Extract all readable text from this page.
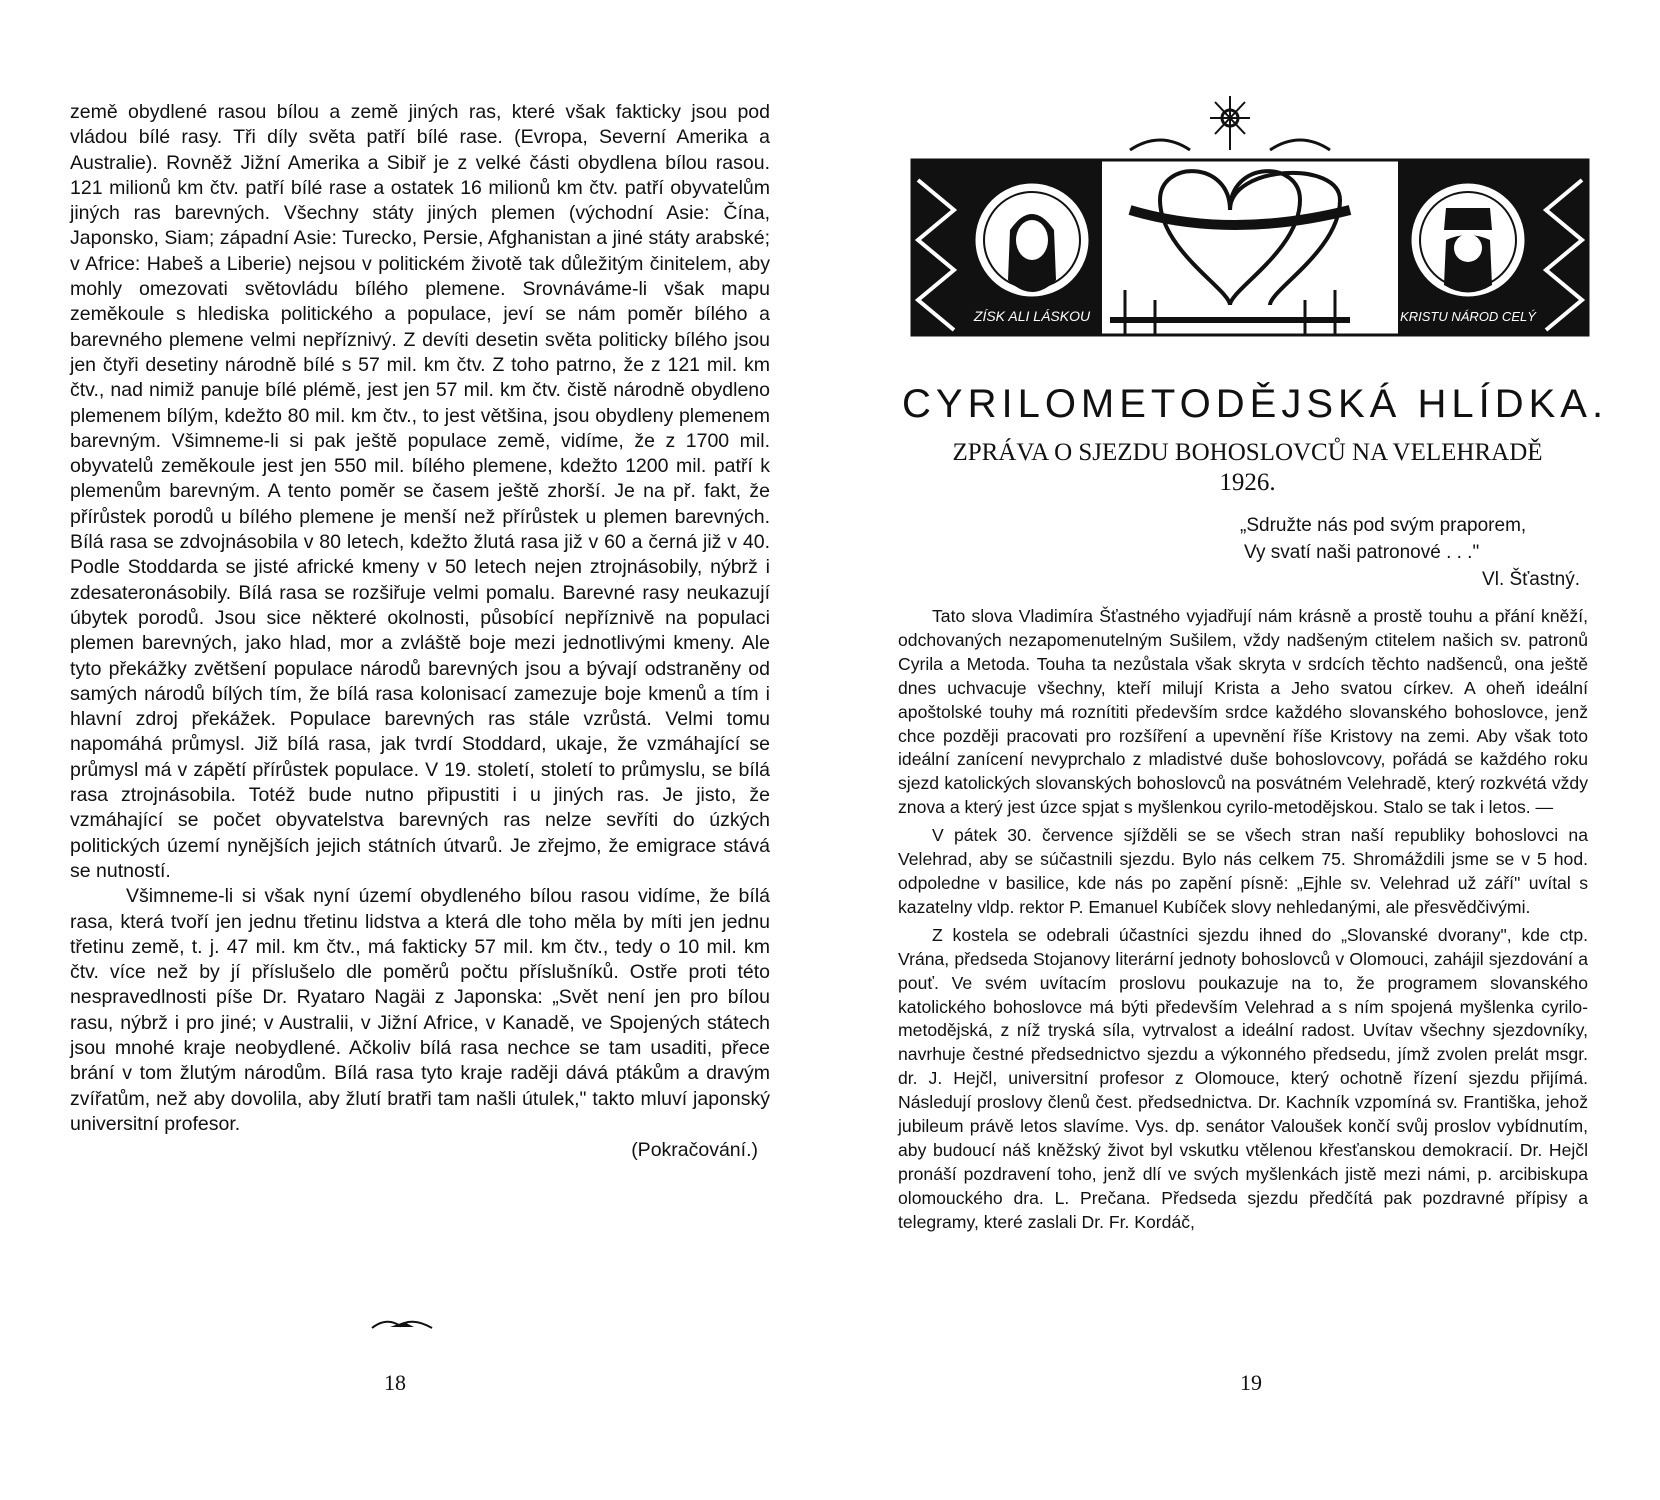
země obydlené rasou bílou a země jiných ras, které však fakticky jsou pod vládou bílé rasy. Tři díly světa patří bílé rase. (Evropa, Severní Amerika a Australie). Rovněž Jižní Amerika a Sibiř je z velké části obydlena bílou rasou. 121 milionů km čtv. patří bílé rase a ostatek 16 milionů km čtv. patří obyvatelům jiných ras barevných. Všechny státy jiných plemen (východní Asie: Čína, Japonsko, Siam; západní Asie: Turecko, Persie, Afghanistan a jiné státy arabské; v Africe: Habeš a Liberie) nejsou v politickém životě tak důležitým činitelem, aby mohly omezovati světovládu bílého plemene. Srovnáváme-li však mapu zeměkoule s hlediska politického a populace, jeví se nám poměr bílého a barevného plemene velmi nepříznivý. Z devíti desetin světa politicky bílého jsou jen čtyři desetiny národně bílé s 57 mil. km čtv. Z toho patrno, že z 121 mil. km čtv., nad nimiž panuje bílé plémě, jest jen 57 mil. km čtv. čistě národně obydleno plemenem bílým, kdežto 80 mil. km čtv., to jest většina, jsou obydleny plemenem barevným. Všimneme-li si pak ještě populace země, vidíme, že z 1700 mil. obyvatelů zeměkoule jest jen 550 mil. bílého plemene, kdežto 1200 mil. patří k plemenům barevným. A tento poměr se časem ještě zhorší. Je na př. fakt, že přírůstek porodů u bílého plemene je menší než přírůstek u plemen barevných. Bílá rasa se zdvojnásobila v 80 letech, kdežto žlutá rasa již v 60 a černá již v 40. Podle Stoddarda se jisté africké kmeny v 50 letech nejen ztrojnásobily, nýbrž i zdesateronásobily. Bílá rasa se rozšiřuje velmi pomalu. Barevné rasy neukazují úbytek porodů. Jsou sice některé okolnosti, působící nepříznivě na populaci plemen barevných, jako hlad, mor a zvláště boje mezi jednotlivými kmeny. Ale tyto překážky zvětšení populace národů barevných jsou a bývají odstraněny od samých národů bílých tím, že bílá rasa kolonisací zamezuje boje kmenů a tím i hlavní zdroj překážek. Populace barevných ras stále vzrůstá. Velmi tomu napomáhá průmysl. Již bílá rasa, jak tvrdí Stoddard, ukaje, že vzmáhající se průmysl má v zápětí přírůstek populace. V 19. století, století to průmyslu, se bílá rasa ztrojnásobila. Totéž bude nutno připustiti i u jiných ras. Je jisto, že vzmáhající se počet obyvatelstva barevných ras nelze sevříti do úzkých politických území nynějších jejich státních útvarů. Je zřejmo, že emigrace stává se nutností.

Všimneme-li si však nyní území obydleného bílou rasou vidíme, že bílá rasa, která tvoří jen jednu třetinu lidstva a která dle toho měla by míti jen jednu třetinu země, t. j. 47 mil. km čtv., má fakticky 57 mil. km čtv., tedy o 10 mil. km čtv. více než by jí příslušelo dle poměrů počtu příslušníků. Ostře proti této nespravedlnosti píše Dr. Ryataro Nagäi z Japonska: „Svět není jen pro bílou rasu, nýbrž i pro jiné; v Australii, v Jižní Africe, v Kanadě, ve Spojených státech jsou mnohé kraje neobydlené. Ačkoliv bílá rasa nechce se tam usaditi, přece brání v tom žlutým národům. Bílá rasa tyto kraje raději dává ptákům a dravým zvířatům, než aby dovolila, aby žlutí bratři tam našli útulek," takto mluví japonský universitní profesor.

(Pokračování.)
18
ZÍSK ALI LÁSKOU	KRISTU NÁROD CELÝ
CYRILOMETODĚJSKÁ HLÍDKA.
ZPRÁVA O SJEZDU BOHOSLOVCŮ NA VELEHRADĚ
1926.
„Sdružte nás pod svým praporem,
Vy svatí naši patronové . . ."
Vl. Šťastný.

Tato slova Vladimíra Šťastného vyjadřují nám krásně a prostě touhu a přání kněží, odchovaných nezapomenutelným Sušilem, vždy nadšeným ctitelem našich sv. patronů Cyrila a Metoda. Touha ta nezůstala však skryta v srdcích těchto nadšenců, ona ještě dnes uchvacuje všechny, kteří milují Krista a Jeho svatou církev. A oheň ideální apoštolské touhy má roznítiti především srdce každého slovanského bohoslovce, jenž chce později pracovati pro rozšíření a upevnění říše Kristovy na zemi. Aby však toto ideální zanícení nevyprchalo z mladistvé duše bohoslovcovy, pořádá se každého roku sjezd katolických slovanských bohoslovců na posvátném Velehradě, který rozkvétá vždy znova a který jest úzce spjat s myšlenkou cyrilo-metodějskou. Stalo se tak i letos. —

V pátek 30. července sjížděli se se všech stran naší republiky bohoslovci na Velehrad, aby se súčastnili sjezdu. Bylo nás celkem 75. Shromáždili jsme se v 5 hod. odpoledne v basilice, kde nás po zapění písně: „Ejhle sv. Velehrad už září" uvítal s kazatelny vldp. rektor P. Emanuel Kubíček slovy nehledanými, ale přesvědčivými.

Z kostela se odebrali účastníci sjezdu ihned do „Slovanské dvorany", kde ctp. Vrána, předseda Stojanovy literární jednoty bohoslovců v Olomouci, zahájil sjezdování a pouť. Ve svém uvítacím proslovu poukazuje na to, že programem slovanského katolického bohoslovce má býti především Velehrad a s ním spojená myšlenka cyrilo-metodějská, z níž tryská síla, vytrvalost a ideální radost. Uvítav všechny sjezdovníky, navrhuje čestné předsednictvo sjezdu a výkonného předsedu, jímž zvolen prelát msgr. dr. J. Hejčl, universitní profesor z Olomouce, který ochotně řízení sjezdu přijímá. Následují proslovy členů čest. předsednictva. Dr. Kachník vzpomíná sv. Františka, jehož jubileum právě letos slavíme. Vys. dp. senátor Valoušek končí svůj proslov vybídnutím, aby budoucí náš kněžský život byl vskutku vtělenou křesťanskou demokracií. Dr. Hejčl pronáší pozdravení toho, jenž dlí ve svých myšlenkách jistě mezi námi, p. arcibiskupa olomouckého dra. L. Prečana. Předseda sjezdu předčítá pak pozdravné přípisy a telegramy, které zaslali Dr. Fr. Kordáč,

19
